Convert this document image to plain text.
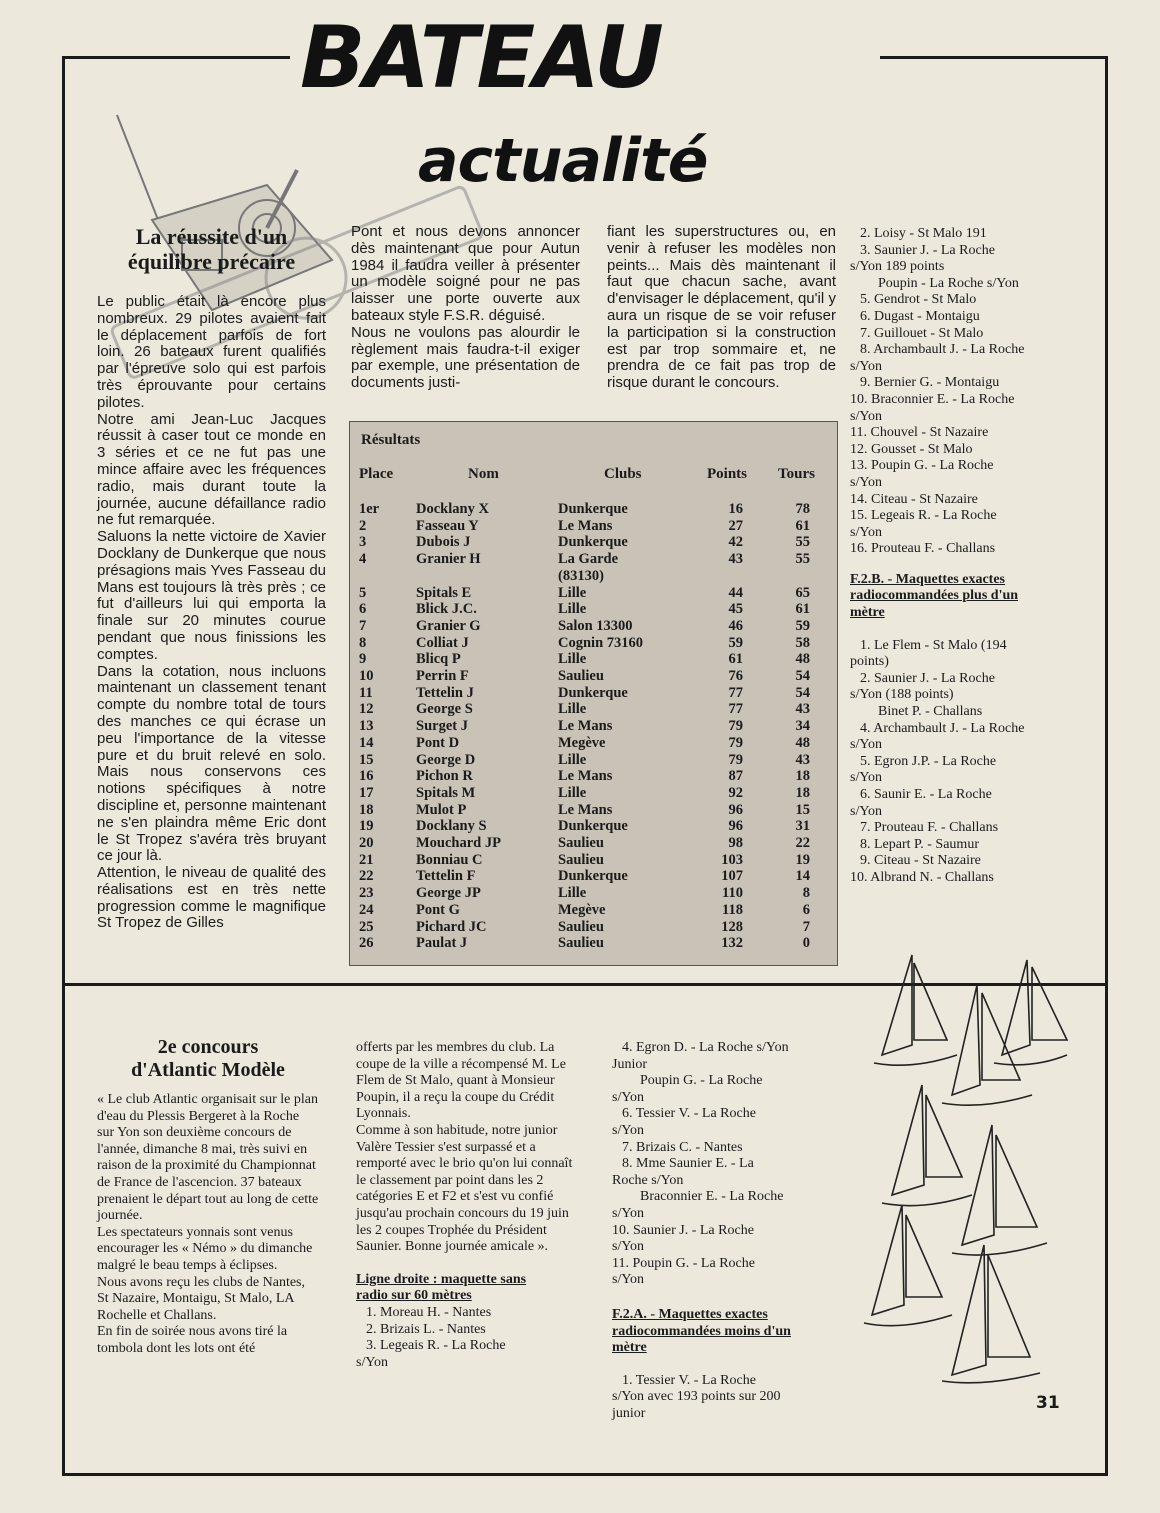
BATEAU
actualité
La réussite d'un
équilibre précaire

Le public était là encore plus nombreux. 29 pilotes avaient fait le déplacement parfois de fort loin. 26 bateaux furent qualifiés par l'épreuve solo qui est parfois très éprouvante pour certains pilotes.

Notre ami Jean-Luc Jacques réussit à caser tout ce monde en 3 séries et ce ne fut pas une mince affaire avec les fréquences radio, mais durant toute la journée, aucune défaillance radio ne fut remarquée.

Saluons la nette victoire de Xavier Docklany de Dunkerque que nous présagions mais Yves Fasseau du Mans est toujours là très près ; ce fut d'ailleurs lui qui emporta la finale sur 20 minutes courue pendant que nous finissions les comptes.

Dans la cotation, nous incluons maintenant un classement tenant compte du nombre total de tours des manches ce qui écrase un peu l'importance de la vitesse pure et du bruit relevé en solo. Mais nous conservons ces notions spécifiques à notre discipline et, personne maintenant ne s'en plaindra même Eric dont le St Tropez s'avéra très bruyant ce jour là.

Attention, le niveau de qualité des réalisations est en très nette progression comme le magnifique St Tropez de Gilles

Pont et nous devons annoncer dès maintenant que pour Autun 1984 il faudra veiller à présenter un modèle soigné pour ne pas laisser une porte ouverte aux bateaux style F.S.R. déguisé.

Nous ne voulons pas alourdir le règlement mais faudra-t-il exiger par exemple, une présentation de documents justi-

fiant les superstructures ou, en venir à refuser les modèles non peints... Mais dès maintenant il faut que chacun sache, avant d'envisager le déplacement, qu'il y aura un risque de se voir refuser la participation si la construction est par trop sommaire et, ne prendra de ce fait pas trop de risque durant le concours.

Résultats
Place	Nom	Clubs	Points Tours
1er	Docklany X	Dunkerque	16	78
2	Fasseau Y	Le Mans	27	61
3	Dubois J	Dunkerque	42	55
4	Granier H	La Garde	43	55
(83130)
5	Spitals E	Lille	44	65
6	Blick J.C.	Lille	45	61
7	Granier G	Salon 13300	46	59
8	Colliat J	Cognin 73160	59	58
9	Blicq P	Lille	61	48
10	Perrin F	Saulieu	76	54
11	Tettelin J	Dunkerque	77	54
12	George S	Lille	77	43
13	Surget J	Le Mans	79	34
14	Pont D	Megève	79	48
15	George D	Lille	79	43
16	Pichon R	Le Mans	87	18
17	Spitals M	Lille	92	18
18	Mulot P	Le Mans	96	15
19	Docklany S	Dunkerque	96	31
20	Mouchard JP	Saulieu	98	22
21	Bonniau C	Saulieu	103	19
22	Tettelin F	Dunkerque	107	14
23	George JP	Lille	110	8
24	Pont G	Megève	118	6
25	Pichard JC	Saulieu	128	7
26	Paulat J	Saulieu	132	0
2. Loisy - St Malo 191
3. Saunier J. - La Roche
s/Yon 189 points
Poupin - La Roche s/Yon
5. Gendrot - St Malo
6. Dugast - Montaigu
7. Guillouet - St Malo
8. Archambault J. - La Roche
s/Yon
9. Bernier G. - Montaigu
10. Braconnier E. - La Roche
s/Yon
11. Chouvel - St Nazaire
12. Gousset - St Malo
13. Poupin G. - La Roche
s/Yon
14. Citeau - St Nazaire
15. Legeais R. - La Roche
s/Yon
16. Prouteau F. - Challans
F.2.B. - Maquettes exactes
radiocommandées plus d'un
mètre
1. Le Flem - St Malo (194
points)
2. Saunier J. - La Roche
s/Yon (188 points)
Binet P. - Challans
4. Archambault J. - La Roche
s/Yon
5. Egron J.P. - La Roche
s/Yon
6. Saunir E. - La Roche
s/Yon
7. Prouteau F. - Challans
8. Lepart P. - Saumur
9. Citeau - St Nazaire
10. Albrand N. - Challans
2e concours
d'Atlantic Modèle

« Le club Atlantic organisait sur le plan d'eau du Plessis Bergeret à la Roche sur Yon son deuxième concours de l'année, dimanche 8 mai, très suivi en raison de la proximité du Championnat de France de l'ascencion. 37 bateaux prenaient le départ tout au long de cette journée.

Les spectateurs yonnais sont venus encourager les « Némo » du dimanche malgré le beau temps à éclipses.

Nous avons reçu les clubs de Nantes, St Nazaire, Montaigu, St Malo, LA Rochelle et Challans.

En fin de soirée nous avons tiré la tombola dont les lots ont été

offerts par les membres du club. La coupe de la ville a récompensé M. Le Flem de St Malo, quant à Monsieur Poupin, il a reçu la coupe du Crédit Lyonnais.

Comme à son habitude, notre junior Valère Tessier s'est surpassé et a remporté avec le brio qu'on lui connaît le classement par point dans les 2 catégories E et F2 et s'est vu confié jusqu'au prochain concours du 19 juin les 2 coupes Trophée du Président Saunier. Bonne journée amicale ».

Ligne droite : maquette sans
radio sur 60 mètres
1. Moreau H. - Nantes
2. Brizais L. - Nantes
3. Legeais R. - La Roche
s/Yon
4. Egron D. - La Roche s/Yon
Junior
Poupin G. - La Roche
s/Yon
6. Tessier V. - La Roche
s/Yon
7. Brizais C. - Nantes
8. Mme Saunier E. - La
Roche s/Yon
Braconnier E. - La Roche
s/Yon
10. Saunier J. - La Roche
s/Yon
11. Poupin G. - La Roche
s/Yon
F.2.A. - Maquettes exactes
radiocommandées moins d'un
mètre
1. Tessier V. - La Roche
s/Yon avec 193 points sur 200
junior
31
